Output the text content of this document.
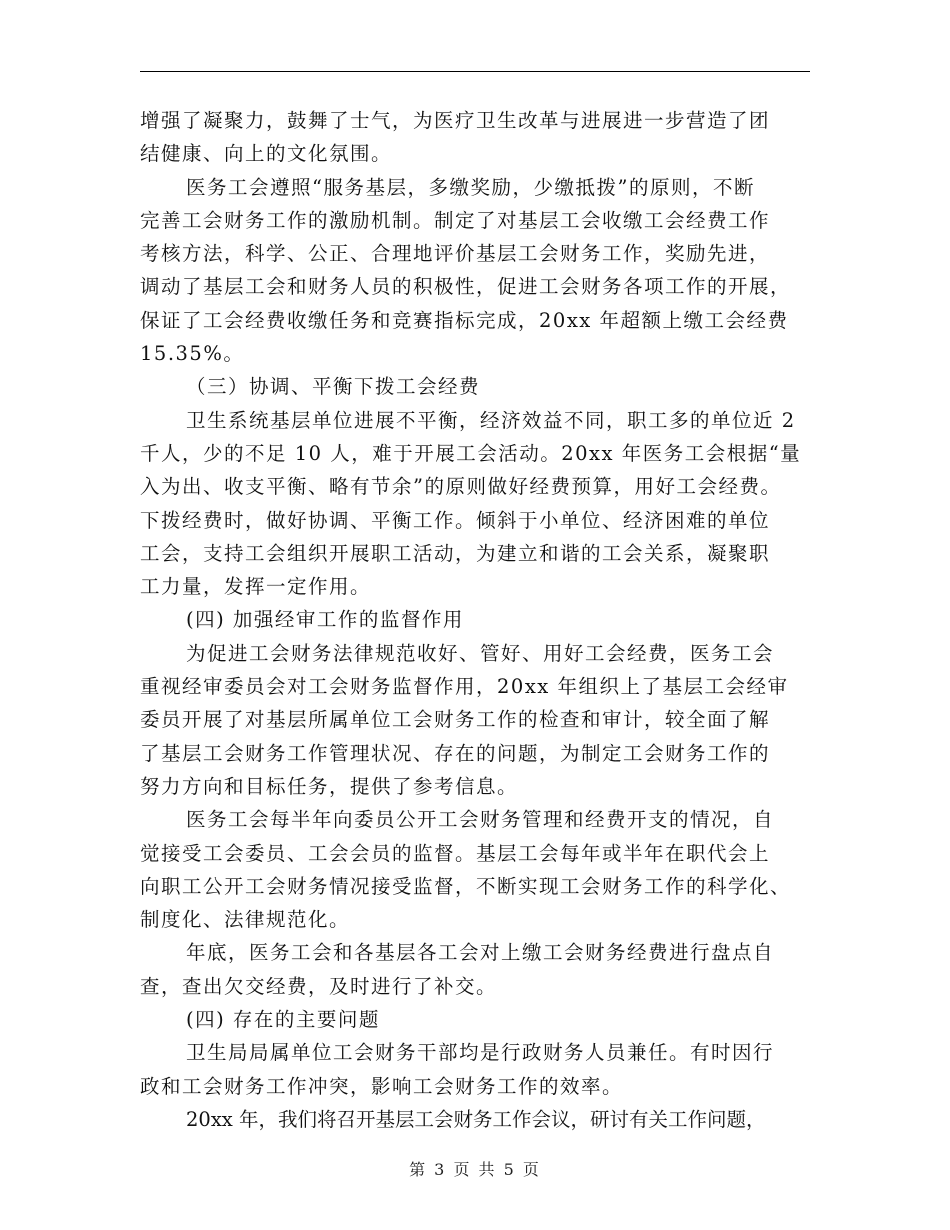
增强了凝聚力，鼓舞了士气，为医疗卫生改革与进展进一步营造了团
结健康、向上的文化氛围。
医务工会遵照“服务基层，多缴奖励，少缴抵拨”的原则，不断
完善工会财务工作的激励机制。制定了对基层工会收缴工会经费工作
考核方法，科学、公正、合理地评价基层工会财务工作，奖励先进，
调动了基层工会和财务人员的积极性，促进工会财务各项工作的开展，
保证了工会经费收缴任务和竞赛指标完成，20xx 年超额上缴工会经费
15.35%。
（三）协调、平衡下拨工会经费
卫生系统基层单位进展不平衡，经济效益不同，职工多的单位近 2
千人，少的不足 10 人，难于开展工会活动。20xx 年医务工会根据“量
入为出、收支平衡、略有节余”的原则做好经费预算，用好工会经费。
下拨经费时，做好协调、平衡工作。倾斜于小单位、经济困难的单位
工会，支持工会组织开展职工活动，为建立和谐的工会关系，凝聚职
工力量，发挥一定作用。
(四) 加强经审工作的监督作用
为促进工会财务法律规范收好、管好、用好工会经费，医务工会
重视经审委员会对工会财务监督作用，20xx 年组织上了基层工会经审
委员开展了对基层所属单位工会财务工作的检查和审计，较全面了解
了基层工会财务工作管理状况、存在的问题，为制定工会财务工作的
努力方向和目标任务，提供了参考信息。
医务工会每半年向委员公开工会财务管理和经费开支的情况，自
觉接受工会委员、工会会员的监督。基层工会每年或半年在职代会上
向职工公开工会财务情况接受监督，不断实现工会财务工作的科学化、
制度化、法律规范化。
年底，医务工会和各基层各工会对上缴工会财务经费进行盘点自
查，查出欠交经费，及时进行了补交。
(四) 存在的主要问题
卫生局局属单位工会财务干部均是行政财务人员兼任。有时因行
政和工会财务工作冲突，影响工会财务工作的效率。
20xx 年，我们将召开基层工会财务工作会议，研讨有关工作问题，
第 3 页 共 5 页
